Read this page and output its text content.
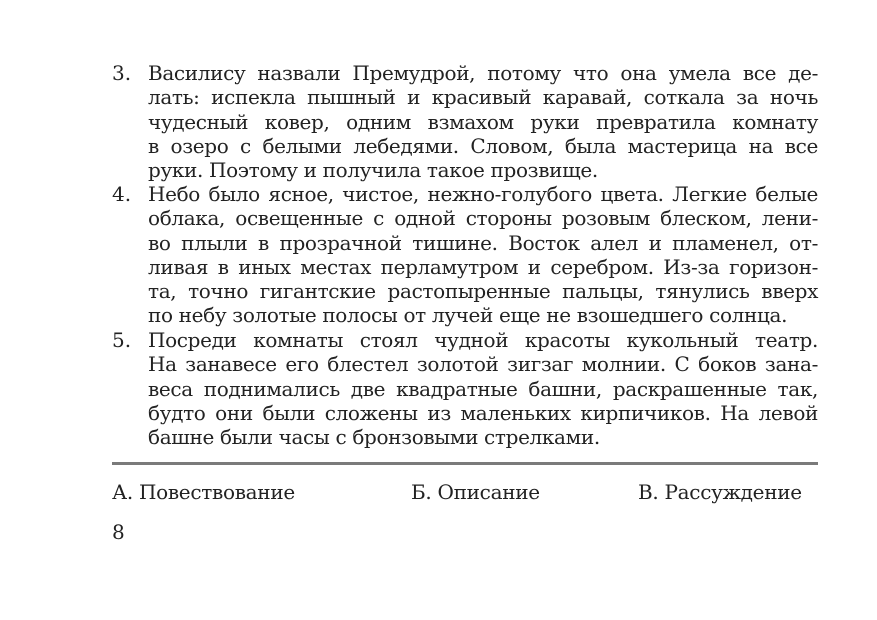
3. Василису назвали Премудрой, потому что она умела все де-
лать: испекла пышный и красивый каравай, соткала за ночь
чудесный ковер, одним взмахом руки превратила комнату
в озеро с белыми лебедями. Словом, была мастерица на все
руки. Поэтому и получила такое прозвище.
4. Небо было ясное, чистое, нежно-голубого цвета. Легкие белые
облака, освещенные с одной стороны розовым блеском, лени-
во плыли в прозрачной тишине. Восток алел и пламенел, от-
ливая в иных местах перламутром и серебром. Из-за горизон-
та, точно гигантские растопыренные пальцы, тянулись вверх
по небу золотые полосы от лучей еще не взошедшего солнца.
5. Посреди комнаты стоял чудной красоты кукольный театр.
На занавесе его блестел золотой зигзаг молнии. С боков зана-
веса поднимались две квадратные башни, раскрашенные так,
будто они были сложены из маленьких кирпичиков. На левой
башне были часы с бронзовыми стрелками.
А. Повествование	Б. Описание	В. Рассуждение
8
